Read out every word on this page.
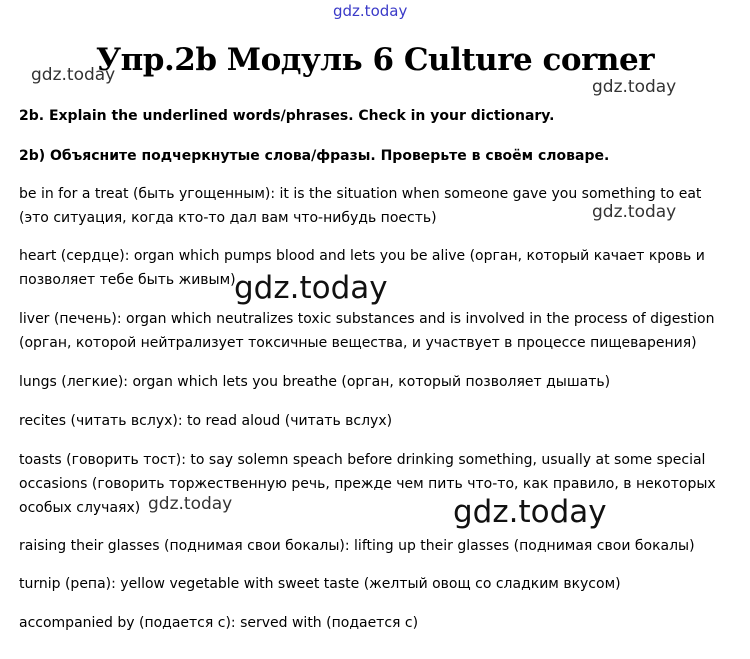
gdz.today
gdz.today
gdz.today
Упр.2b Модуль 6 Culture corner
2b. Explain the underlined words/phrases. Check in your dictionary.
2b) Объясните подчеркнутые слова/фразы. Проверьте в своём словаре.
be in for a treat (быть угощенным): it is the situation when someone gave you something to eat (это ситуация, когда кто-то дал вам что-нибудь поесть)	gdz.today
heart (сердце): organ which pumps blood and lets you be alive (орган, который качает кровь и позволяет тебе быть живым)
gdz.today
liver (печень): organ which neutralizes toxic substances and is involved in the process of digestion (орган, которой нейтрализует токсичные вещества, и участвует в процессе пищеварения)
lungs (легкие): organ which lets you breathe (орган, который позволяет дышать)
recites (читать вслух): to read aloud (читать вслух)
toasts (говорить тост): to say solemn speach before drinking something, usually at some special occasions (говорить торжественную речь, прежде чем пить что-то, как правило, в некоторых особых случаях) gdz.today	gdz.today
raising their glasses (поднимая свои бокалы): lifting up their glasses (поднимая свои бокалы)
turnip (репа): yellow vegetable with sweet taste (желтый овощ со сладким вкусом)
accompanied by (подается с): served with (подается с)
